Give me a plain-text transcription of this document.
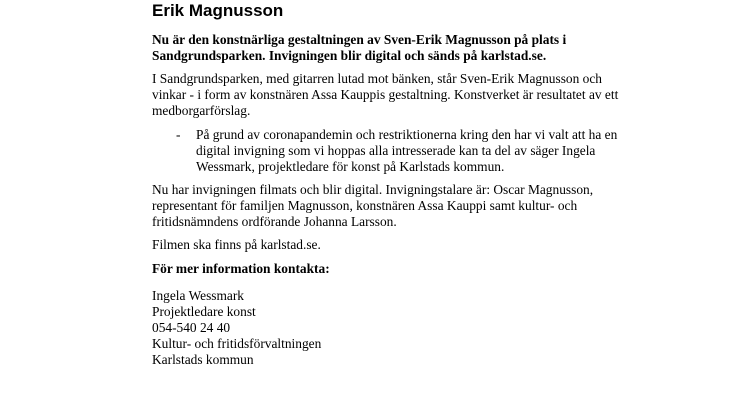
Erik Magnusson
Nu är den konstnärliga gestaltningen av Sven-Erik Magnusson på plats i Sandgrundsparken. Invigningen blir digital och sänds på karlstad.se.
I Sandgrundsparken, med gitarren lutad mot bänken, står Sven-Erik Magnusson och vinkar - i form av konstnären Assa Kauppis gestaltning. Konstverket är resultatet av ett medborgarförslag.
- På grund av coronapandemin och restriktionerna kring den har vi valt att ha en digital invigning som vi hoppas alla intresserade kan ta del av säger Ingela Wessmark, projektledare för konst på Karlstads kommun.
Nu har invigningen filmats och blir digital. Invigningstalare är: Oscar Magnusson, representant för familjen Magnusson, konstnären Assa Kauppi samt kultur- och fritidsnämndens ordförande Johanna Larsson.
Filmen ska finns på karlstad.se.
För mer information kontakta:
Ingela Wessmark
Projektledare konst
054-540 24 40
Kultur- och fritidsförvaltningen
Karlstads kommun
